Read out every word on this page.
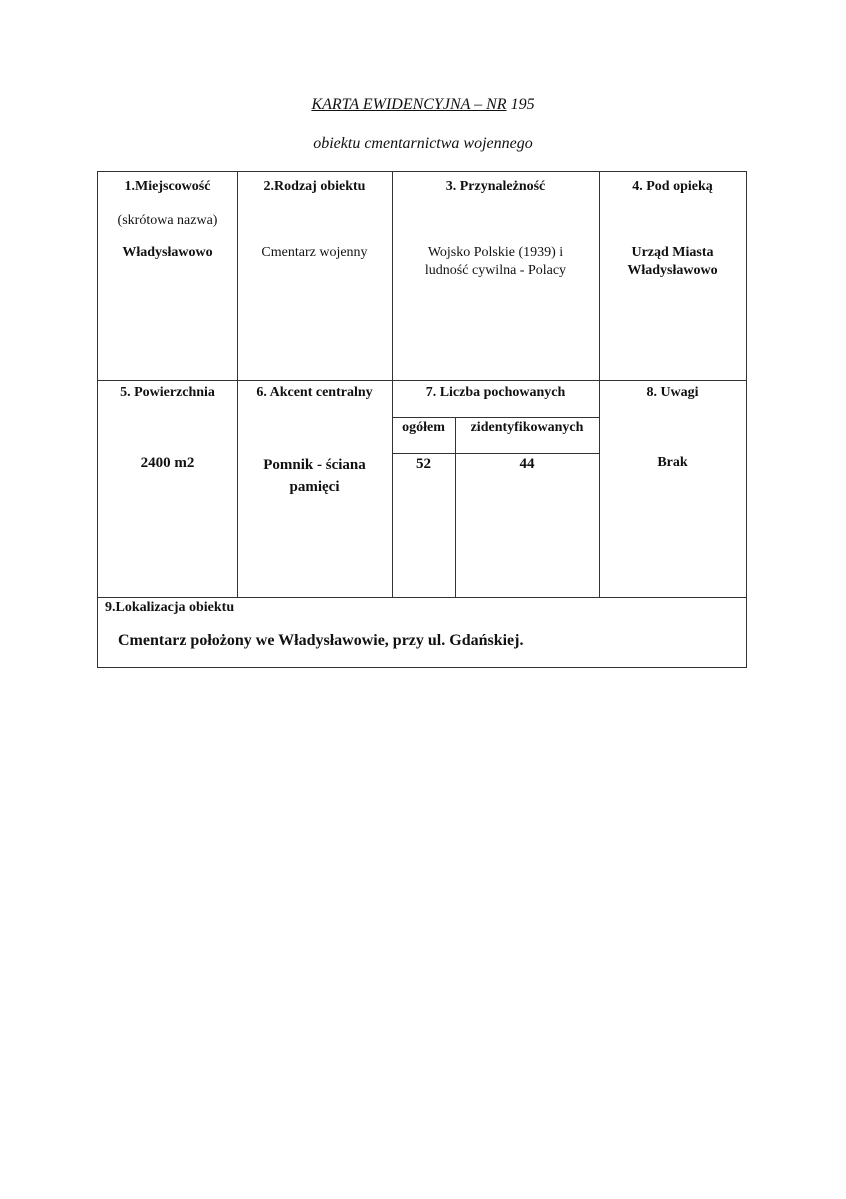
KARTA EWIDENCYJNA – NR 195
obiektu cmentarnictwa wojennego
1.Miejscowość
(skrótowa nazwa)
Władysławowo
2.Rodzaj obiektu
Cmentarz wojenny
3. Przynależność
Wojsko Polskie (1939) i
ludność cywilna - Polacy
4. Pod opieką
Urząd Miasta
Władysławowo
5. Powierzchnia
2400 m2
6. Akcent centralny
Pomnik - ściana
pamięci
7. Liczba pochowanych
ogółem	zidentyfikowanych
52	44
8. Uwagi
Brak
9.Lokalizacja obiektu
Cmentarz położony we Władysławowie, przy ul. Gdańskiej.
